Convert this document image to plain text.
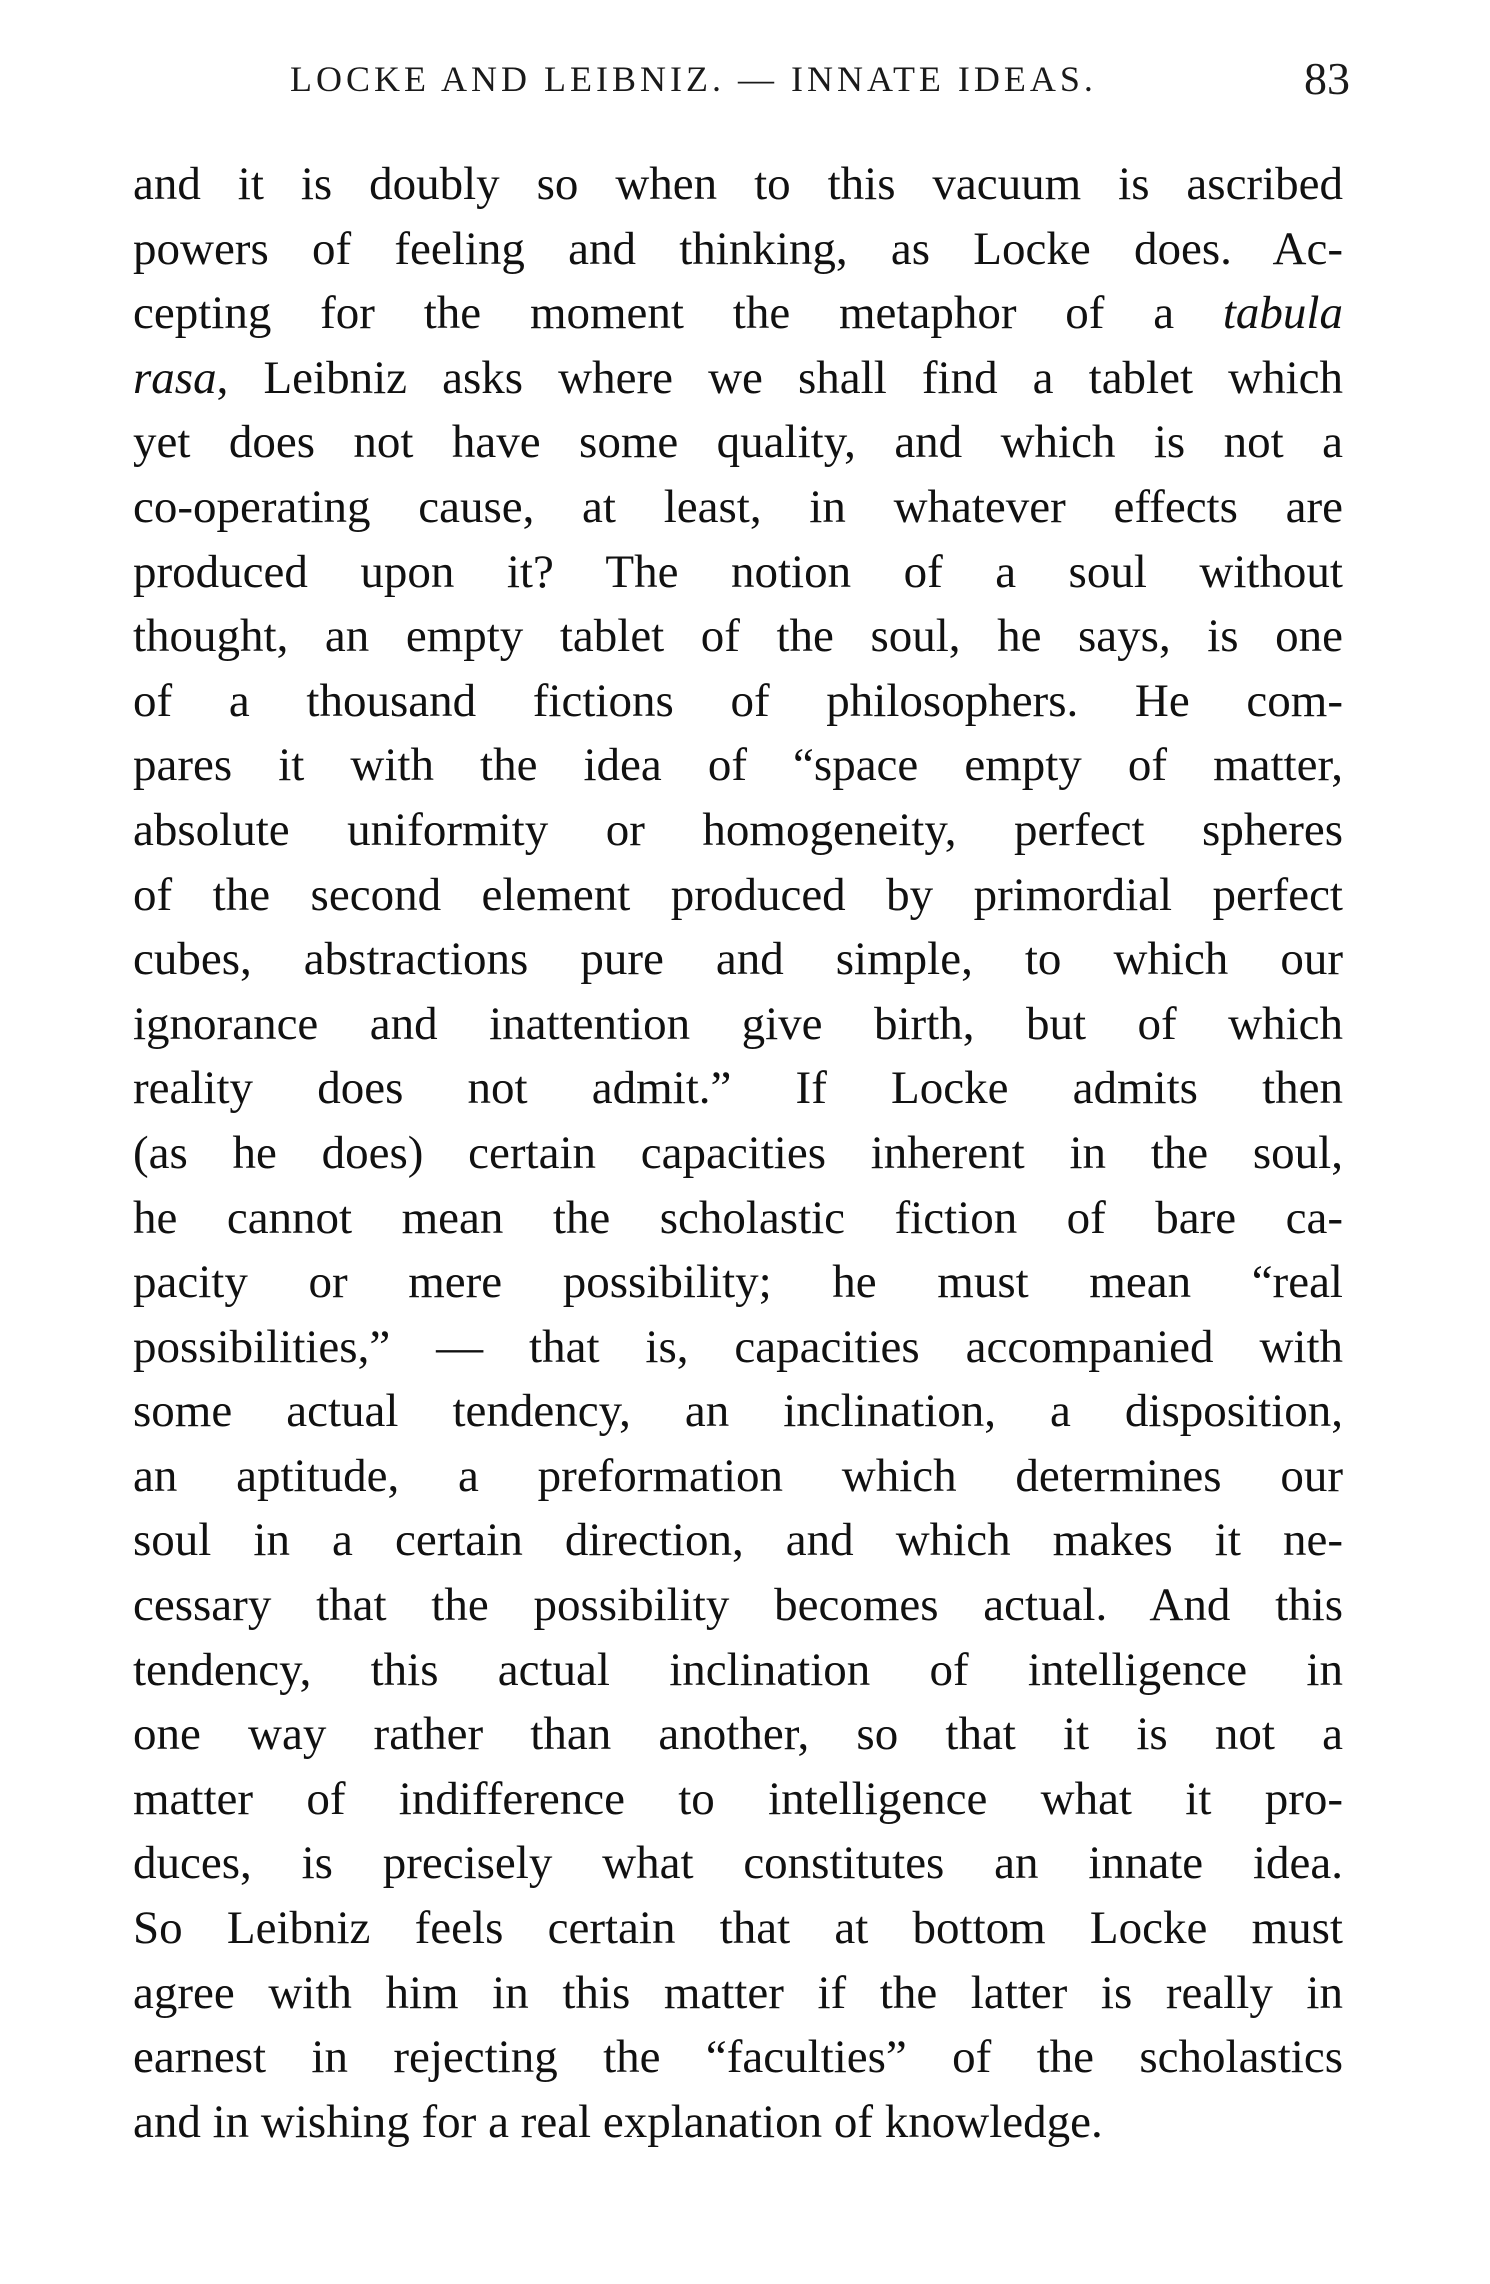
LOCKE AND LEIBNIZ. — INNATE IDEAS.	83
and it is doubly so when to this vacuum is ascribed
powers of feeling and thinking, as Locke does. Ac-
cepting for the moment the metaphor of a tabula
rasa, Leibniz asks where we shall find a tablet which
yet does not have some quality, and which is not a
co-operating cause, at least, in whatever effects are
produced upon it? The notion of a soul without
thought, an empty tablet of the soul, he says, is one
of a thousand fictions of philosophers. He com-
pares it with the idea of “space empty of matter,
absolute uniformity or homogeneity, perfect spheres
of the second element produced by primordial perfect
cubes, abstractions pure and simple, to which our
ignorance and inattention give birth, but of which
reality does not admit.” If Locke admits then
(as he does) certain capacities inherent in the soul,
he cannot mean the scholastic fiction of bare ca-
pacity or mere possibility; he must mean “real
possibilities,” — that is, capacities accompanied with
some actual tendency, an inclination, a disposition,
an aptitude, a preformation which determines our
soul in a certain direction, and which makes it ne-
cessary that the possibility becomes actual. And this
tendency, this actual inclination of intelligence in
one way rather than another, so that it is not a
matter of indifference to intelligence what it pro-
duces, is precisely what constitutes an innate idea.
So Leibniz feels certain that at bottom Locke must
agree with him in this matter if the latter is really in
earnest in rejecting the “faculties” of the scholastics
and in wishing for a real explanation of knowledge.
